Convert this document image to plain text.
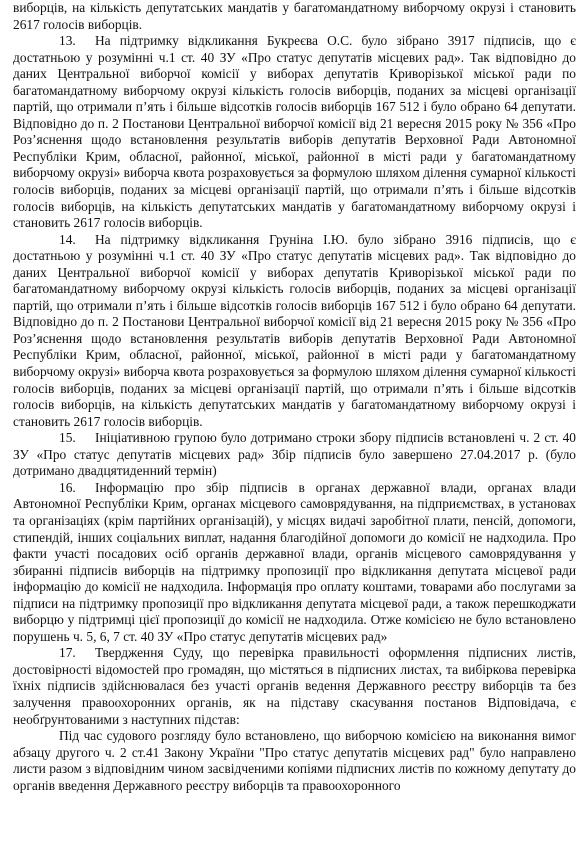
виборців, на кількість депутатських мандатів у багатомандатному виборчому окрузі і становить 2617 голосів виборців.

13. На підтримку відкликання Букреєва О.С. було зібрано 3917 підписів, що є достатньою у розумінні ч.1 ст. 40 ЗУ «Про статус депутатів місцевих рад». Так відповідно до даних Центральної виборчої комісії у виборах депутатів Криворізької міської ради по багатомандатному виборчому окрузі кількість голосів виборців, поданих за місцеві організації партій, що отримали п’ять і більше відсотків голосів виборців 167 512 і було обрано 64 депутати. Відповідно до п. 2 Постанови Центральної виборчої комісії від 21 вересня 2015 року № 356 «Про Роз’яснення щодо встановлення результатів виборів депутатів Верховної Ради Автономної Республіки Крим, обласної, районної, міської, районної в місті ради у багатомандатному виборчому окрузі» виборча квота розраховується за формулою шляхом ділення сумарної кількості голосів виборців, поданих за місцеві організації партій, що отримали п’ять і більше відсотків голосів виборців, на кількість депутатських мандатів у багатомандатному виборчому окрузі і становить 2617 голосів виборців.

14. На підтримку відкликання Груніна І.Ю. було зібрано 3916 підписів, що є достатньою у розумінні ч.1 ст. 40 ЗУ «Про статус депутатів місцевих рад». Так відповідно до даних Центральної виборчої комісії у виборах депутатів Криворізької міської ради по багатомандатному виборчому окрузі кількість голосів виборців, поданих за місцеві організації партій, що отримали п’ять і більше відсотків голосів виборців 167 512 і було обрано 64 депутати. Відповідно до п. 2 Постанови Центральної виборчої комісії від 21 вересня 2015 року № 356 «Про Роз’яснення щодо встановлення результатів виборів депутатів Верховної Ради Автономної Республіки Крим, обласної, районної, міської, районної в місті ради у багатомандатному виборчому окрузі» виборча квота розраховується за формулою шляхом ділення сумарної кількості голосів виборців, поданих за місцеві організації партій, що отримали п’ять і більше відсотків голосів виборців, на кількість депутатських мандатів у багатомандатному виборчому окрузі і становить 2617 голосів виборців.

15. Ініціативною групою було дотримано строки збору підписів встановлені ч. 2 ст. 40 ЗУ «Про статус депутатів місцевих рад» Збір підписів було завершено 27.04.2017 р. (було дотримано двадцятиденний термін)

16. Інформацію про збір підписів в органах державної влади, органах влади Автономної Республіки Крим, органах місцевого самоврядування, на підприємствах, в установах та організаціях (крім партійних організацій), у місцях видачі заробітної плати, пенсій, допомоги, стипендій, інших соціальних виплат, надання благодійної допомоги до комісії не надходила. Про факти участі посадових осіб органів державної влади, органів місцевого самоврядування у збиранні підписів виборців на підтримку пропозиції про відкликання депутата місцевої ради інформацію до комісії не надходила. Інформація про оплату коштами, товарами або послугами за підписи на підтримку пропозиції про відкликання депутата місцевої ради, а також перешкоджати виборцю у підтримці цієї пропозиції до комісії не надходила. Отже комісією не було встановлено порушень ч. 5, 6, 7 ст. 40 ЗУ «Про статус депутатів місцевих рад»

17. Твердження Суду, що перевірка правильності оформлення підписних листів, достовірності відомостей про громадян, що містяться в підписних листах, та вибіркова перевірка їхніх підписів здійснювалася без участі органів ведення Державного реєстру виборців та без залучення правоохоронних органів, як на підставу скасування постанов Відповідача, є необґрунтованими з наступних підстав:

Під час судового розгляду було встановлено, що виборчою комісією на виконання вимог абзацу другого ч. 2 ст.41 Закону України "Про статус депутатів місцевих рад" було направлено листи разом з відповідним чином засвідченими копіями підписних листів по кожному депутату до органів введення Державного реєстру виборців та правоохоронного
